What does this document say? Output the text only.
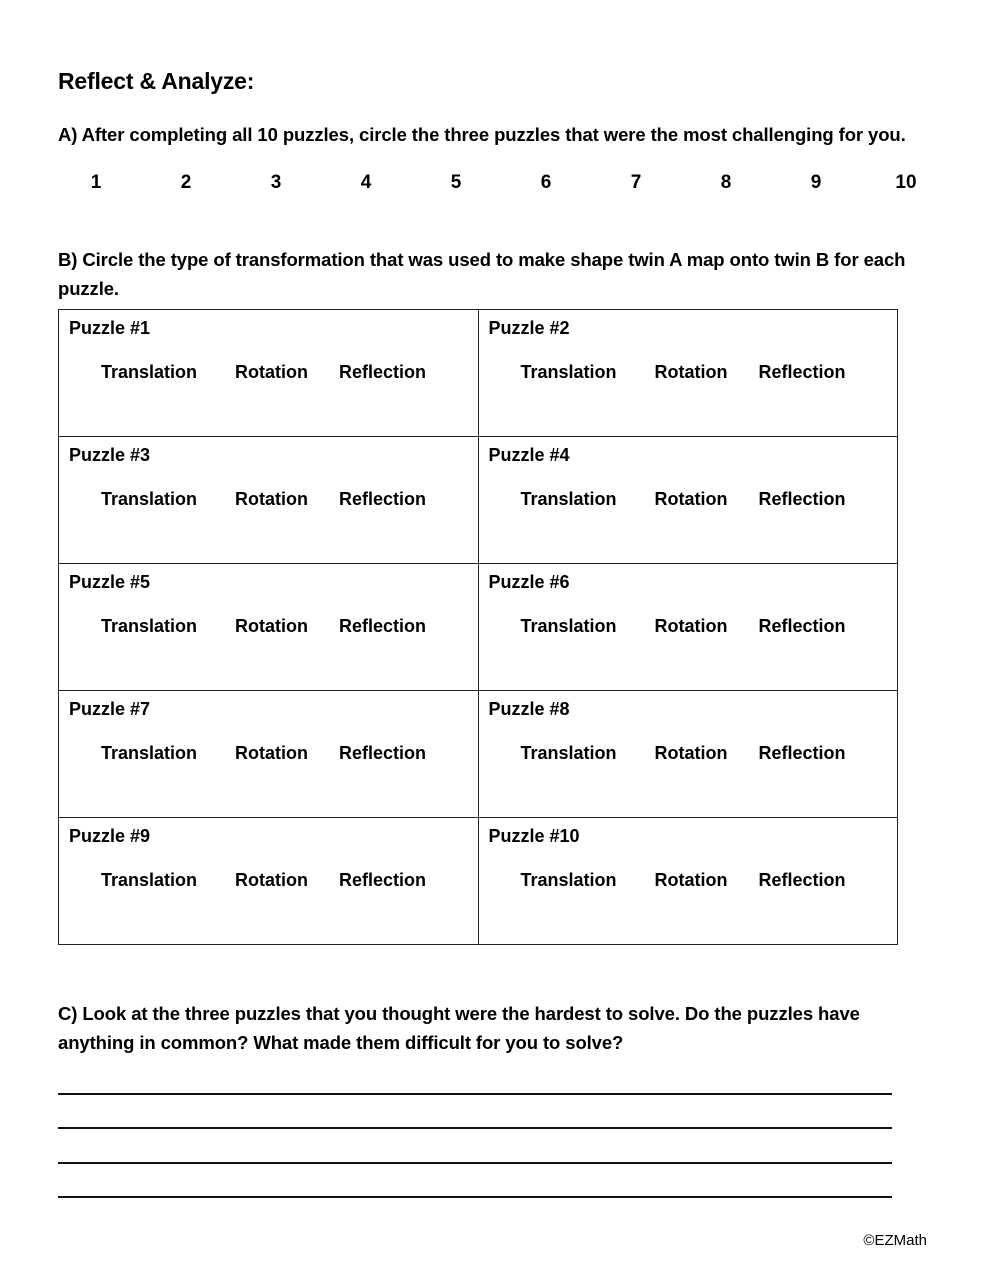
Reflect & Analyze:

A) After completing all 10 puzzles, circle the three puzzles that were the most challenging for you.

1	2	3	4	5	6	7	8	9	10

B) Circle the type of transformation that was used to make shape twin A map onto twin B for each puzzle.

Puzzle #1
Translation Rotation Reflection

Puzzle #2
Translation Rotation Reflection

Puzzle #3
Translation Rotation Reflection

Puzzle #4
Translation Rotation Reflection

Puzzle #5
Translation Rotation Reflection

Puzzle #6
Translation Rotation Reflection

Puzzle #7
Translation Rotation Reflection

Puzzle #8
Translation Rotation Reflection

Puzzle #9
Translation Rotation Reflection

Puzzle #10
Translation Rotation Reflection

C) Look at the three puzzles that you thought were the hardest to solve. Do the puzzles have anything in common? What made them difficult for you to solve?

©EZMath
